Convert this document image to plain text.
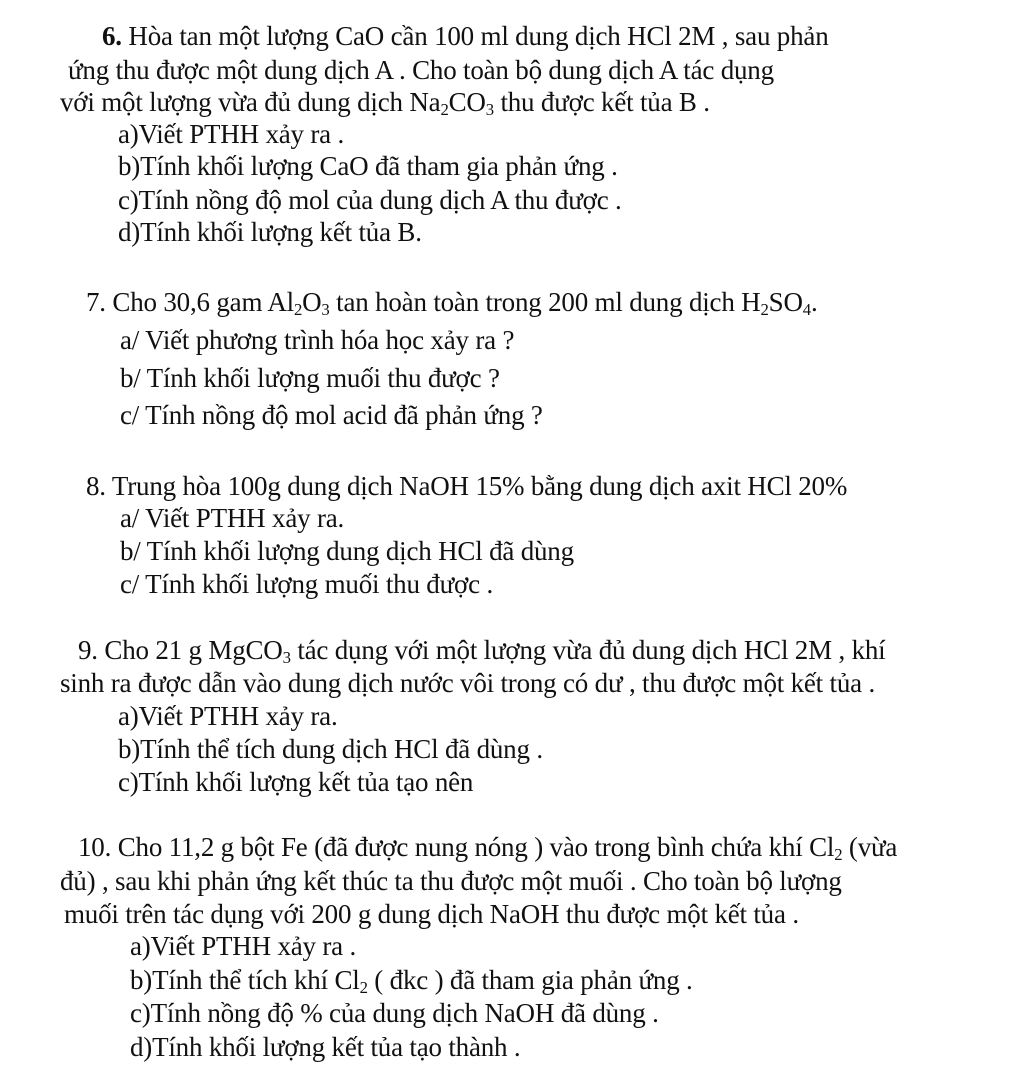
6. Hòa tan một lượng CaO cần 100 ml dung dịch HCl 2M , sau phản
ứng thu được một dung dịch A . Cho toàn bộ dung dịch A tác dụng
với một lượng vừa đủ dung dịch $Na_2CO_3$ thu được kết tủa B .
a)Viết PTHH xảy ra .
b)Tính khối lượng CaO đã tham gia phản ứng .
c)Tính nồng độ mol của dung dịch A thu được .
d)Tính khối lượng kết tủa B.
7. Cho 30,6 gam $Al_2O_3$ tan hoàn toàn trong 200 ml dung dịch $H_2SO_4$.
a/ Viết phương trình hóa học xảy ra ?
b/ Tính khối lượng muối thu được ?
c/ Tính nồng độ mol acid đã phản ứng ?
8. Trung hòa 100g dung dịch NaOH 15% bằng dung dịch axit HCl 20%
a/ Viết PTHH xảy ra.
b/ Tính khối lượng dung dịch HCl đã dùng
c/ Tính khối lượng muối thu được .
9. Cho 21 g MgCO$_3$ tác dụng với một lượng vừa đủ dung dịch HCl 2M , khí
sinh ra được dẫn vào dung dịch nước vôi trong có dư , thu được một kết tủa .
a)Viết PTHH xảy ra.
b)Tính thể tích dung dịch HCl đã dùng .
c)Tính khối lượng kết tủa tạo nên
10. Cho 11,2 g bột Fe (đã được nung nóng ) vào trong bình chứa khí $Cl_2$ (vừa
đủ) , sau khi phản ứng kết thúc ta thu được một muối . Cho toàn bộ lượng
muối trên tác dụng với 200 g dung dịch NaOH thu được một kết tủa .
a)Viết PTHH xảy ra .
b)Tính thể tích khí $Cl_2$ ( đkc ) đã tham gia phản ứng .
c)Tính nồng độ % của dung dịch NaOH đã dùng .
d)Tính khối lượng kết tủa tạo thành .
